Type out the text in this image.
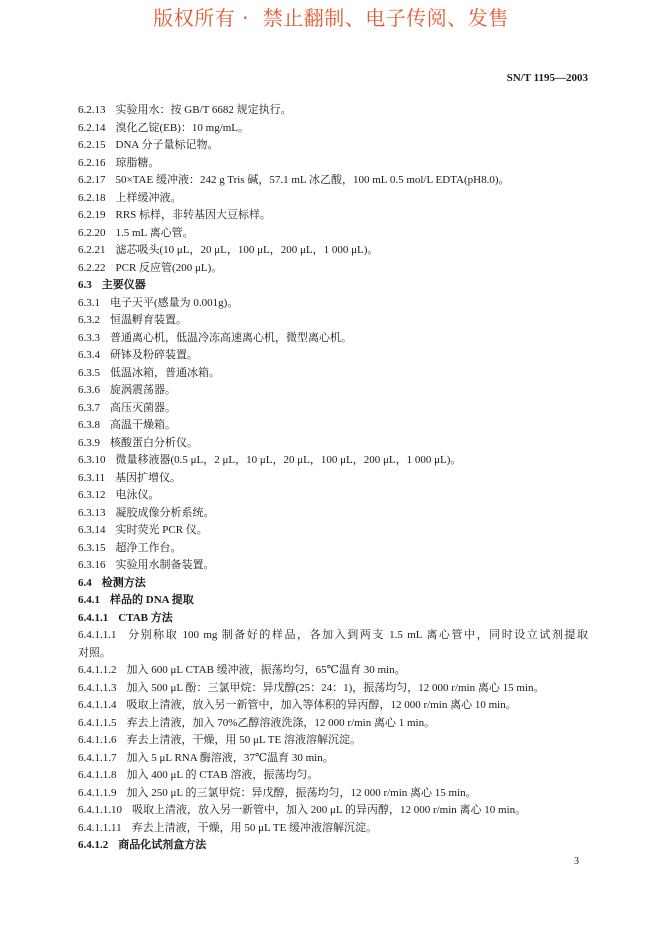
版权所有 ·  禁止翻制、电子传阅、发售
SN/T 1195—2003
6.2.13 实验用水：按 GB/T 6682 规定执行。
6.2.14 溴化乙锭(EB)：10 mg/mL。
6.2.15 DNA 分子量标记物。
6.2.16 琼脂糖。
6.2.17 50×TAE 缓冲液：242 g Tris 碱，57.1 mL 冰乙酸，100 mL 0.5 mol/L EDTA(pH8.0)。
6.2.18 上样缓冲液。
6.2.19 RRS 标样，非转基因大豆标样。
6.2.20 1.5 mL 离心管。
6.2.21 滤芯吸头(10 μL，20 μL，100 μL，200 μL，1 000 μL)。
6.2.22 PCR 反应管(200 μL)。
6.3 主要仪器
6.3.1 电子天平(感量为 0.001g)。
6.3.2 恒温孵育装置。
6.3.3 普通离心机，低温冷冻高速离心机，微型离心机。
6.3.4 研钵及粉碎装置。
6.3.5 低温冰箱，普通冰箱。
6.3.6 旋涡震荡器。
6.3.7 高压灭菌器。
6.3.8 高温干燥箱。
6.3.9 核酸蛋白分析仪。
6.3.10 微量移液器(0.5 μL，2 μL，10 μL，20 μL，100 μL，200 μL，1 000 μL)。
6.3.11 基因扩增仪。
6.3.12 电泳仪。
6.3.13 凝胶成像分析系统。
6.3.14 实时荧光 PCR 仪。
6.3.15 超净工作台。
6.3.16 实验用水制备装置。
6.4 检测方法
6.4.1 样品的 DNA 提取
6.4.1.1 CTAB 方法
6.4.1.1.1 分别称取 100 mg 制备好的样品，各加入到两支 1.5 mL 离心管中，同时设立试剂提取
对照。
6.4.1.1.2 加入 600 μL CTAB 缓冲液，振荡均匀，65℃温育 30 min。
6.4.1.1.3 加入 500 μL 酚：三氯甲烷：异戊醇(25：24：1)，振荡均匀，12 000 r/min 离心 15 min。
6.4.1.1.4 吸取上清液，放入另一新管中，加入等体积的异丙醇，12 000 r/min 离心 10 min。
6.4.1.1.5 弃去上清液，加入 70%乙醇溶液洗涤，12 000 r/min 离心 1 min。
6.4.1.1.6 弃去上清液，干燥，用 50 μL TE 溶液溶解沉淀。
6.4.1.1.7 加入 5 μL RNA 酶溶液，37℃温育 30 min。
6.4.1.1.8 加入 400 μL 的 CTAB 溶液，振荡均匀。
6.4.1.1.9 加入 250 μL 的三氯甲烷：异戊醇，振荡均匀，12 000 r/min 离心 15 min。
6.4.1.1.10 吸取上清液，放入另一新管中，加入 200 μL 的异丙醇，12 000 r/min 离心 10 min。
6.4.1.1.11 弃去上清液，干燥，用 50 μL TE 缓冲液溶解沉淀。
6.4.1.2 商品化试剂盒方法
3
